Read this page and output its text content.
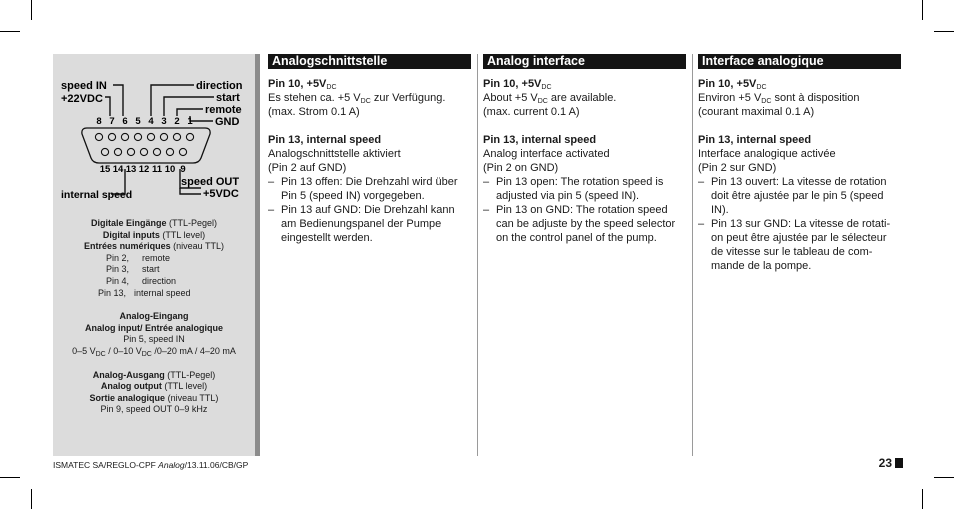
speed IN
+22VDC
internal speed
direction
start
remote
GND
speed OUT
+5VDC
8 7 6 5 4 3 2 1
15 14 13 12 11 10 9
Digitale Eingänge (TTL-Pegel)
Digital inputs (TTL level)
Entrées numériques (niveau TTL)
Pin 2,	remote
Pin 3,	start
Pin 4,	direction
Pin 13, internal speed
Analog-Eingang
Analog input/ Entrée analogique
Pin 5, speed IN
0–5 $V_{DC} / 0-10$ $V_{DC}$ /0–20 mA / 4–20 mA
Analog-Ausgang (TTL-Pegel)
Analog output (TTL level)
Sortie analogique (niveau TTL)
Pin 9, speed OUT 0–9 kHz
Analogschnittstelle

Pin 10, $+5V_{DC}$

Es stehen ca. +5 $V_{DC}$ zur Verfügung.

(max. Strom 0.1 A)

Pin 13, internal speed

Analogschnittstelle aktiviert

(Pin 2 auf GND)

– Pin 13 offen: Die Drehzahl wird über Pin 5 (speed IN) vorgegeben.

– Pin 13 auf GND: Die Drehzahl kann am Bedienungspanel der Pumpe eingestellt werden.

Analog interface

Pin 10, $+5V_{DC}$

About +5 $V_{DC}$ are available.

(max. current 0.1 A)

Pin 13, internal speed

Analog interface activated

(Pin 2 on GND)

– Pin 13 open: The rotation speed is adjusted via pin 5 (speed IN).

– Pin 13 on GND: The rotation speed can be adjuste by the speed selector on the control panel of the pump.

Interface analogique

Pin 10, $+5V_{DC}$

Environ +5 $V_{DC}$ sont à disposition

(courant maximal 0.1 A)

Pin 13, internal speed

Interface analogique activée

(Pin 2 sur GND)

– Pin 13 ouvert: La vitesse de rotation doit être ajustée par le pin 5 (speed IN).

– Pin 13 sur GND: La vitesse de rotati-on peut être ajustée par le sélecteur de vitesse sur le tableau de com-mande de la pompe.

ISMATEC SA/REGLO-CPF Analog/13.11.06/CB/GP	23
